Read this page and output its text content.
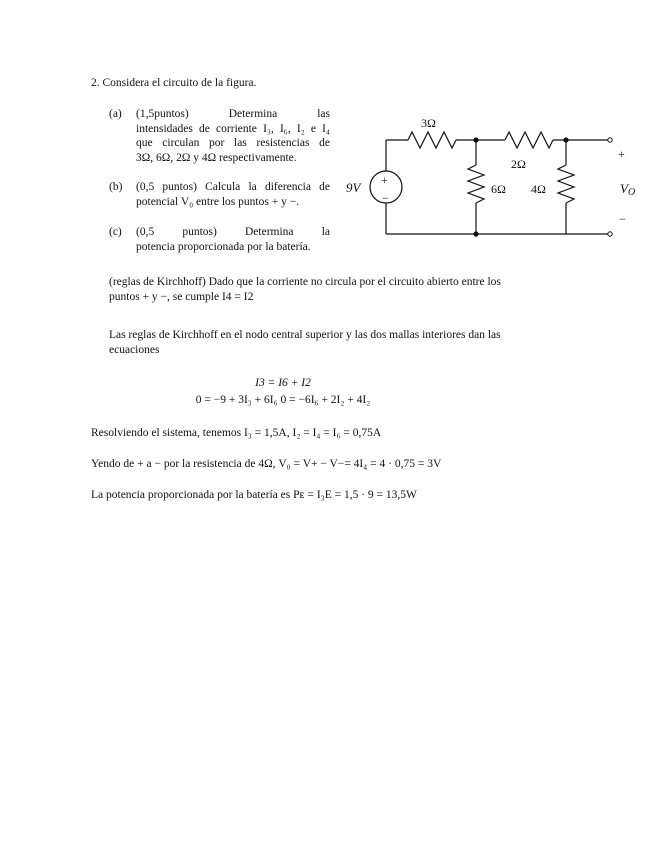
2. Considera el circuito de la figura.
(a) (1,5puntos)	Determina	las
intensidades de corriente I₃, I₆, I₂ e I₄
que circulan por las resistencias de
3Ω, 6Ω, 2Ω y 4Ω respectivamente.
(b) (0,5 puntos) Calcula la diferencia de
potencial V₀ entre los puntos + y −.
(c) (0,5 puntos) Determina la
potencia proporcionada por la batería.
3Ω
2Ω
6Ω 4Ω
9V +
−
+
−
VO
(reglas de Kirchhoff) Dado que la corriente no circula por el circuito abierto entre los
puntos + y −, se cumple I4 = I2
Las reglas de Kirchhoff en el nodo central superior y las dos mallas interiores dan las
ecuaciones
I3 = I6 + I2
0 = −9 + 3I₃ + 6I₆ 0 = −6I₆ + 2I₂ + 4I₂
Resolviendo el sistema, tenemos I₃ = 1,5A, I₂ = I₄ = I₆ = 0,75A
Yendo de + a − por la resistencia de 4Ω, V₀ = V+ − V−= 4I₄ = 4 · 0,75 = 3V
La potencia proporcionada por la batería es Pᴇ = I₃E = 1,5 · 9 = 13,5W
